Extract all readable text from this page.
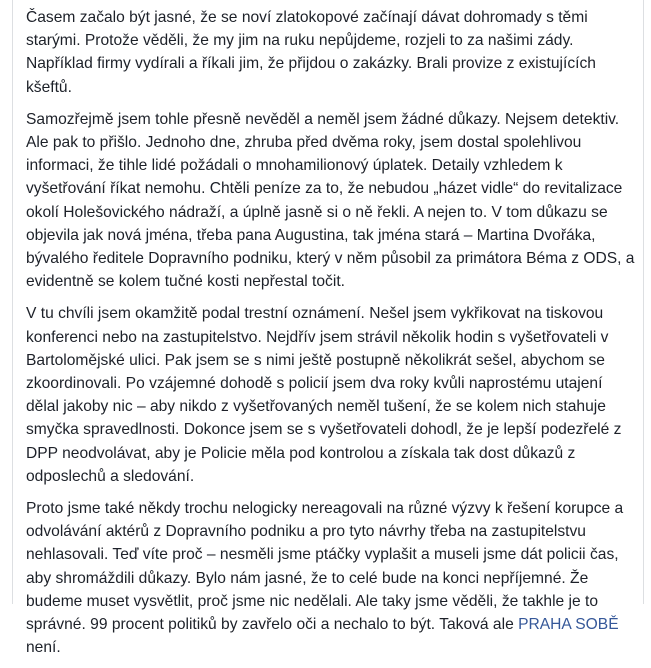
Časem začalo být jasné, že se noví zlatokopové začínají dávat dohromady s těmi starými. Protože věděli, že my jim na ruku nepůjdeme, rozjeli to za našimi zády. Například firmy vydírali a říkali jim, že přijdou o zakázky. Brali provize z existujících kšeftů.

Samozřejmě jsem tohle přesně nevěděl a neměl jsem žádné důkazy. Nejsem detektiv. Ale pak to přišlo. Jednoho dne, zhruba před dvěma roky, jsem dostal spolehlivou informaci, že tihle lidé požádali o mnohamilionový úplatek. Detaily vzhledem k vyšetřování říkat nemohu. Chtěli peníze za to, že nebudou „házet vidle“ do revitalizace okolí Holešovického nádraží, a úplně jasně si o ně řekli. A nejen to. V tom důkazu se objevila jak nová jména, třeba pana Augustina, tak jména stará – Martina Dvořáka, bývalého ředitele Dopravního podniku, který v něm působil za primátora Béma z ODS, a evidentně se kolem tučné kosti nepřestal točit.

V tu chvíli jsem okamžitě podal trestní oznámení. Nešel jsem vykřikovat na tiskovou konferenci nebo na zastupitelstvo. Nejdřív jsem strávil několik hodin s vyšetřovateli v Bartolomějské ulici. Pak jsem se s nimi ještě postupně několikrát sešel, abychom se zkoordinovali. Po vzájemné dohodě s policií jsem dva roky kvůli naprostému utajení dělal jakoby nic – aby nikdo z vyšetřovaných neměl tušení, že se kolem nich stahuje smyčka spravedlnosti. Dokonce jsem se s vyšetřovateli dohodl, že je lepší podezřelé z DPP neodvolávat, aby je Policie měla pod kontrolou a získala tak dost důkazů z odposlechů a sledování.

Proto jsme také někdy trochu nelogicky nereagovali na různé výzvy k řešení korupce a odvolávání aktérů z Dopravního podniku a pro tyto návrhy třeba na zastupitelstvu nehlasovali. Teď víte proč – nesměli jsme ptáčky vyplašit a museli jsme dát policii čas, aby shromáždili důkazy. Bylo nám jasné, že to celé bude na konci nepříjemné. Že budeme muset vysvětlit, proč jsme nic nedělali. Ale taky jsme věděli, že takhle je to správné. 99 procent politiků by zavřelo oči a nechalo to být. Taková ale PRAHA SOBĚ není.
